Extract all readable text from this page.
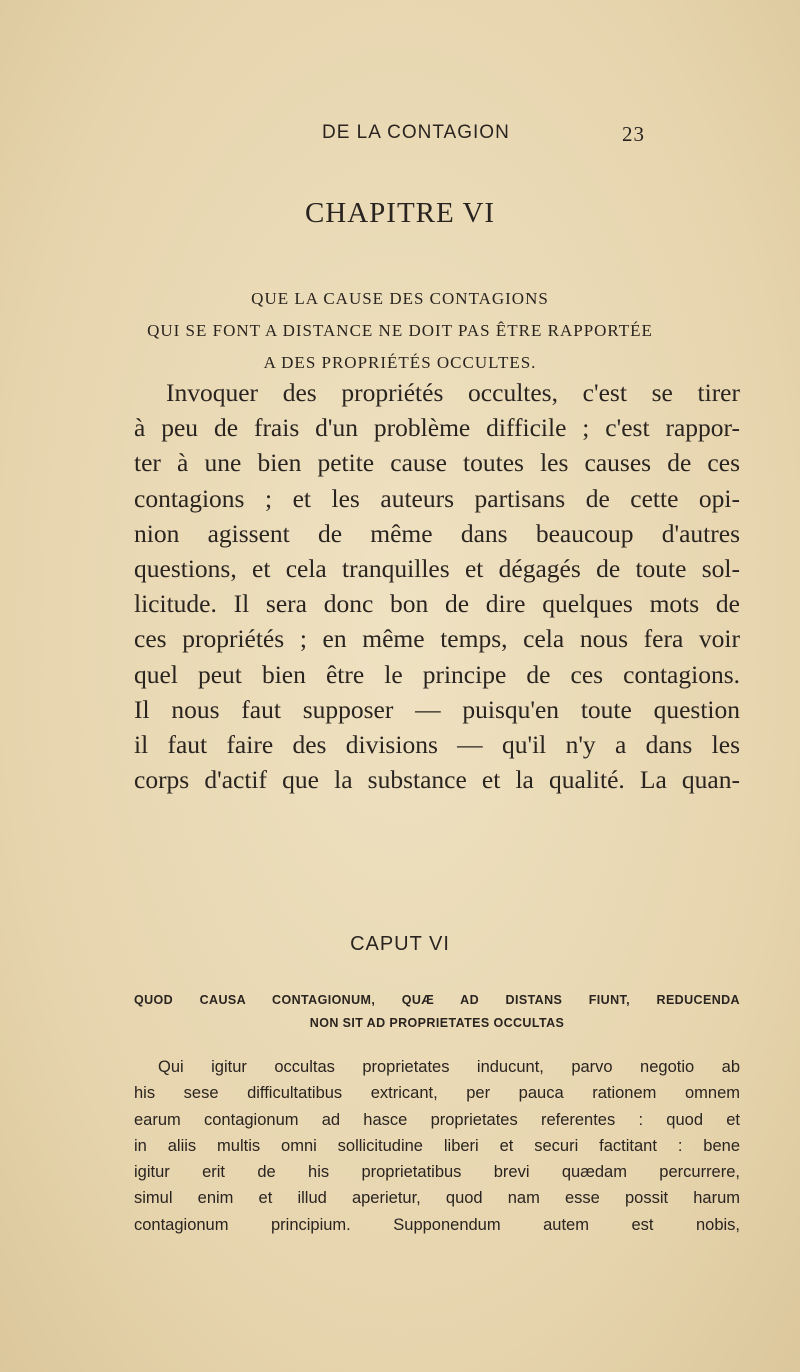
DE LA CONTAGION	23
CHAPITRE VI
QUE LA CAUSE DES CONTAGIONS
QUI SE FONT A DISTANCE NE DOIT PAS ÊTRE RAPPORTÉE
A DES PROPRIÉTÉS OCCULTES.
Invoquer des propriétés occultes, c'est se tirer
à peu de frais d'un problème difficile ; c'est rappor-
ter à une bien petite cause toutes les causes de ces
contagions ; et les auteurs partisans de cette opi-
nion agissent de même dans beaucoup d'autres
questions, et cela tranquilles et dégagés de toute sol-
licitude. Il sera donc bon de dire quelques mots de
ces propriétés ; en même temps, cela nous fera voir
quel peut bien être le principe de ces contagions.
Il nous faut supposer — puisqu'en toute question
il faut faire des divisions — qu'il n'y a dans les
corps d'actif que la substance et la qualité. La quan-
CAPUT VI
QUOD CAUSA CONTAGIONUM, QUÆ AD DISTANS FIUNT, REDUCENDA
NON SIT AD PROPRIETATES OCCULTAS
Qui igitur occultas proprietates inducunt, parvo negotio ab
his sese difficultatibus extricant, per pauca rationem omnem
earum contagionum ad hasce proprietates referentes : quod et
in aliis multis omni sollicitudine liberi et securi factitant : bene
igitur erit de his proprietatibus brevi quædam percurrere,
simul enim et illud aperietur, quod nam esse possit harum
contagionum principium. Supponendum autem est nobis,
